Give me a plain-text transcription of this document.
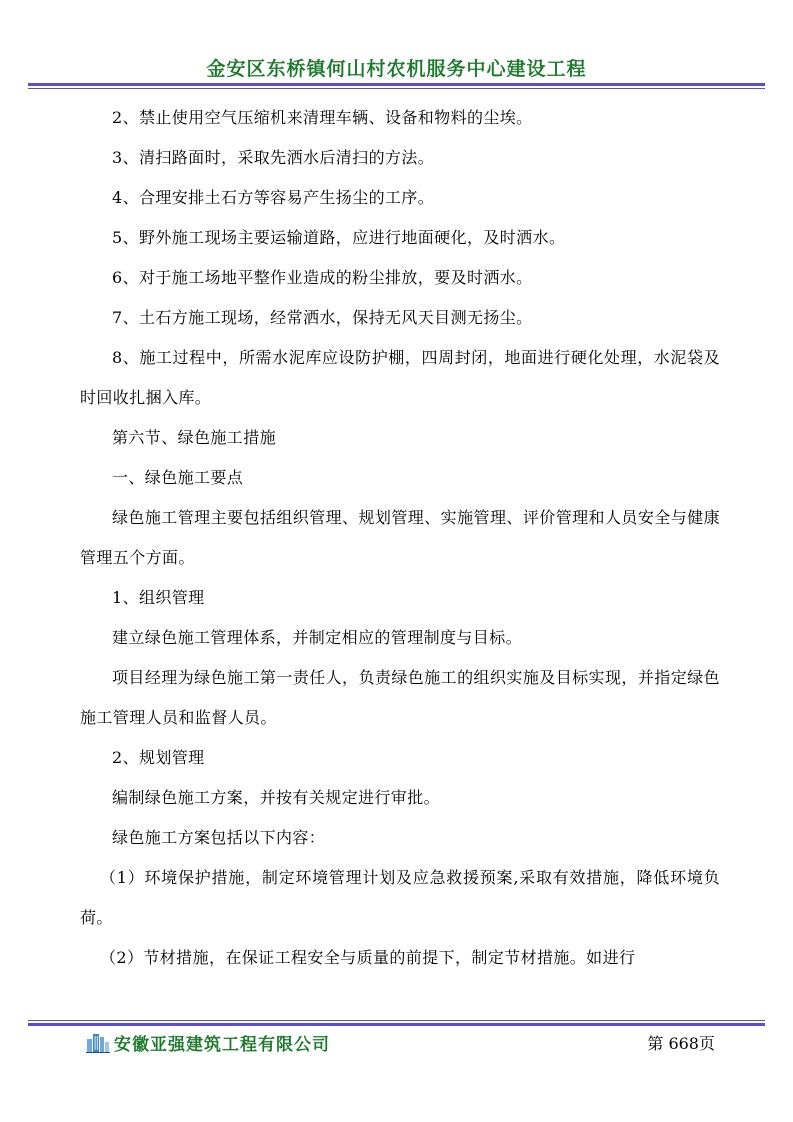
金安区东桥镇何山村农机服务中心建设工程

2、禁止使用空气压缩机来清理车辆、设备和物料的尘埃。

3、清扫路面时，采取先洒水后清扫的方法。

4、合理安排土石方等容易产生扬尘的工序。

5、野外施工现场主要运输道路，应进行地面硬化，及时洒水。

6、对于施工场地平整作业造成的粉尘排放，要及时洒水。

7、土石方施工现场，经常洒水，保持无风天目测无扬尘。

8、施工过程中，所需水泥库应设防护棚，四周封闭，地面进行硬化处理，水泥袋及时回收扎捆入库。

第六节、绿色施工措施

一、绿色施工要点

绿色施工管理主要包括组织管理、规划管理、实施管理、评价管理和人员安全与健康管理五个方面。

1、组织管理

建立绿色施工管理体系，并制定相应的管理制度与目标。

项目经理为绿色施工第一责任人，负责绿色施工的组织实施及目标实现，并指定绿色施工管理人员和监督人员。

2、规划管理

编制绿色施工方案，并按有关规定进行审批。

绿色施工方案包括以下内容：

（1）环境保护措施，制定环境管理计划及应急救援预案,采取有效措施，降低环境负荷。

（2）节材措施，在保证工程安全与质量的前提下，制定节材措施。如进行

安徽亚强建筑工程有限公司	第 668页
